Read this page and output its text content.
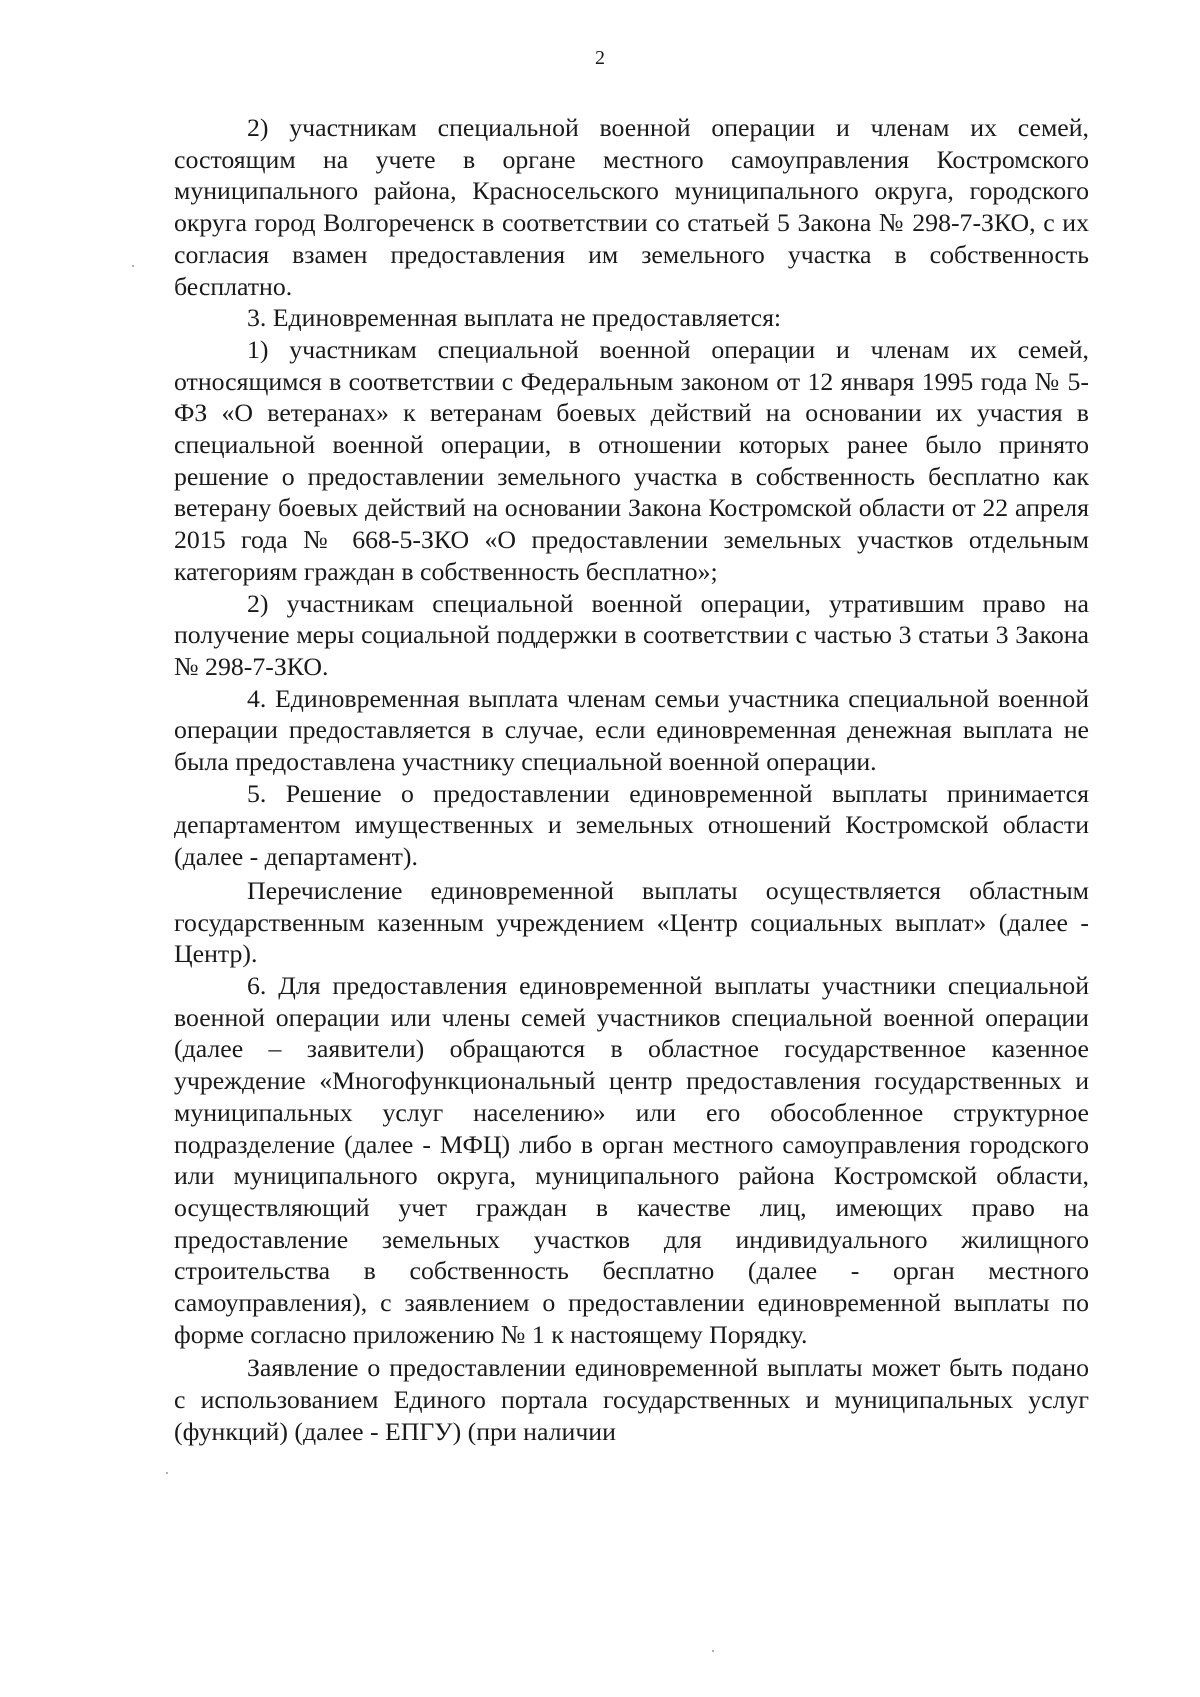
2

2) участникам специальной военной операции и членам их семей, состоящим на учете в органе местного самоуправления Костромского муниципального района, Красносельского муниципального округа, городского округа город Волгореченск в соответствии со статьей 5 Закона № 298-7-ЗКО, с их согласия взамен предоставления им земельного участка в собственность бесплатно.

3. Единовременная выплата не предоставляется:

1) участникам специальной военной операции и членам их семей, относящимся в соответствии с Федеральным законом от 12 января 1995 года № 5-ФЗ «О ветеранах» к ветеранам боевых действий на основании их участия в специальной военной операции, в отношении которых ранее было принято решение о предоставлении земельного участка в собственность бесплатно как ветерану боевых действий на основании Закона Костромской области от 22 апреля 2015 года № 668-5-ЗКО «О предоставлении земельных участков отдельным категориям граждан в собственность бесплатно»;

2) участникам специальной военной операции, утратившим право на получение меры социальной поддержки в соответствии с частью 3 статьи 3 Закона № 298-7-ЗКО.

4. Единовременная выплата членам семьи участника специальной военной операции предоставляется в случае, если единовременная денежная выплата не была предоставлена участнику специальной военной операции.

5. Решение о предоставлении единовременной выплаты принимается департаментом имущественных и земельных отношений Костромской области (далее - департамент).

Перечисление единовременной выплаты осуществляется областным государственным казенным учреждением «Центр социальных выплат» (далее - Центр).

6. Для предоставления единовременной выплаты участники специальной военной операции или члены семей участников специальной военной операции (далее – заявители) обращаются в областное государственное казенное учреждение «Многофункциональный центр предоставления государственных и муниципальных услуг населению» или его обособленное структурное подразделение (далее - МФЦ) либо в орган местного самоуправления городского или муниципального округа, муниципального района Костромской области, осуществляющий учет граждан в качестве лиц, имеющих право на предоставление земельных участков для индивидуального жилищного строительства в собственность бесплатно (далее - орган местного самоуправления), с заявлением о предоставлении единовременной выплаты по форме согласно приложению № 1 к настоящему Порядку.

Заявление о предоставлении единовременной выплаты может быть подано с использованием Единого портала государственных и муниципальных услуг (функций) (далее - ЕПГУ) (при наличии
